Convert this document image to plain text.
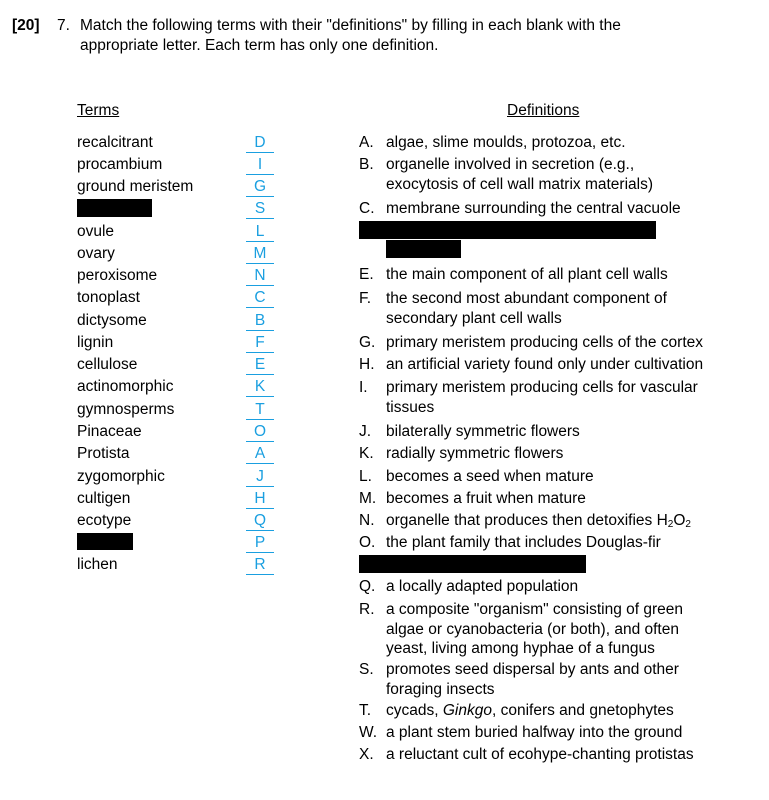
[20] 7. Match the following terms with their "definitions" by filling in each blank with the
appropriate letter. Each term has only one definition.
Terms	Definitions
recalcitrant	D
procambium	I
ground meristem	G
S
ovule	L
ovary	M
peroxisome	N
tonoplast	C
dictysome	B
lignin	F
cellulose	E
actinomorphic	K
gymnosperms	T
Pinaceae	O
Protista	A
zygomorphic	J
cultigen	H
ecotype	Q
P
lichen	R
A. algae, slime moulds, protozoa, etc.
B. organelle involved in secretion (e.g.,
exocytosis of cell wall matrix materials)
C. membrane surrounding the central vacuole
E. the main component of all plant cell walls
F. the second most abundant component of
secondary plant cell walls
G. primary meristem producing cells of the cortex
H. an artificial variety found only under cultivation
I. primary meristem producing cells for vascular
tissues
J. bilaterally symmetric flowers
K. radially symmetric flowers
L. becomes a seed when mature
M. becomes a fruit when mature
N. organelle that produces then detoxifies $H_2O_2$
O. the plant family that includes Douglas-fir
Q. a locally adapted population
R. a composite "organism" consisting of green
algae or cyanobacteria (or both), and often
yeast, living among hyphae of a fungus
S. promotes seed dispersal by ants and other
foraging insects
T. cycads, Ginkgo, conifers and gnetophytes
W. a plant stem buried halfway into the ground
X. a reluctant cult of ecohype-chanting protistas
